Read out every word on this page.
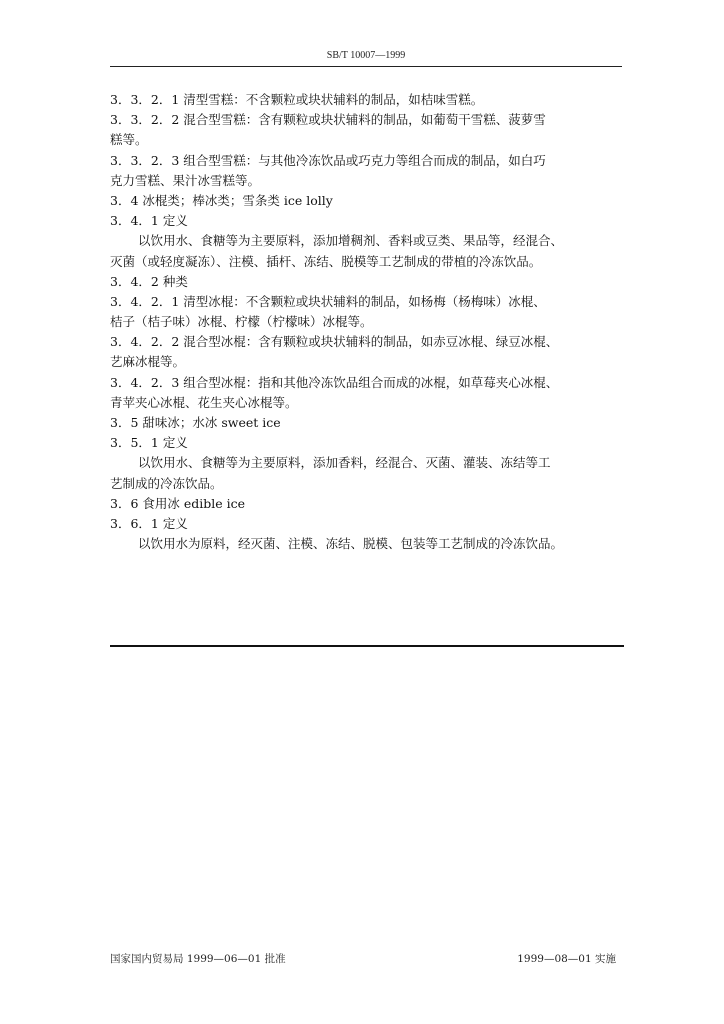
SB/T 10007—1999
3．3．2．1 清型雪糕：不含颗粒或块状辅料的制品，如桔味雪糕。
3．3．2．2 混合型雪糕：含有颗粒或块状辅料的制品，如葡萄干雪糕、菠萝雪
糕等。
3．3．2．3 组合型雪糕：与其他冷冻饮品或巧克力等组合而成的制品，如白巧
克力雪糕、果汁冰雪糕等。
3．4 冰棍类；棒冰类；雪条类 ice lolly
3．4．1 定义
以饮用水、食糖等为主要原料，添加增稠剂、香料或豆类、果品等，经混合、
灭菌（或轻度凝冻）、注模、插杆、冻结、脱模等工艺制成的带植的冷冻饮品。
3．4．2 种类
3．4．2．1 清型冰棍：不含颗粒或块状辅料的制品，如杨梅（杨梅味）冰棍、
桔子（桔子味）冰棍、柠檬（柠檬味）冰棍等。
3．4．2．2 混合型冰棍：含有颗粒或块状辅料的制品，如赤豆冰棍、绿豆冰棍、
艺麻冰棍等。
3．4．2．3 组合型冰棍：指和其他冷冻饮品组合而成的冰棍，如草莓夹心冰棍、
青苹夹心冰棍、花生夹心冰棍等。
3．5 甜味冰；水冰 sweet ice
3．5．1 定义
以饮用水、食糖等为主要原料，添加香料，经混合、灭菌、灌装、冻结等工
艺制成的冷冻饮品。
3．6 食用冰 edible ice
3．6．1 定义
以饮用水为原料，经灭菌、注模、冻结、脱模、包装等工艺制成的冷冻饮品。
国家国内贸易局 1999—06—01 批准	1999—08—01 实施
